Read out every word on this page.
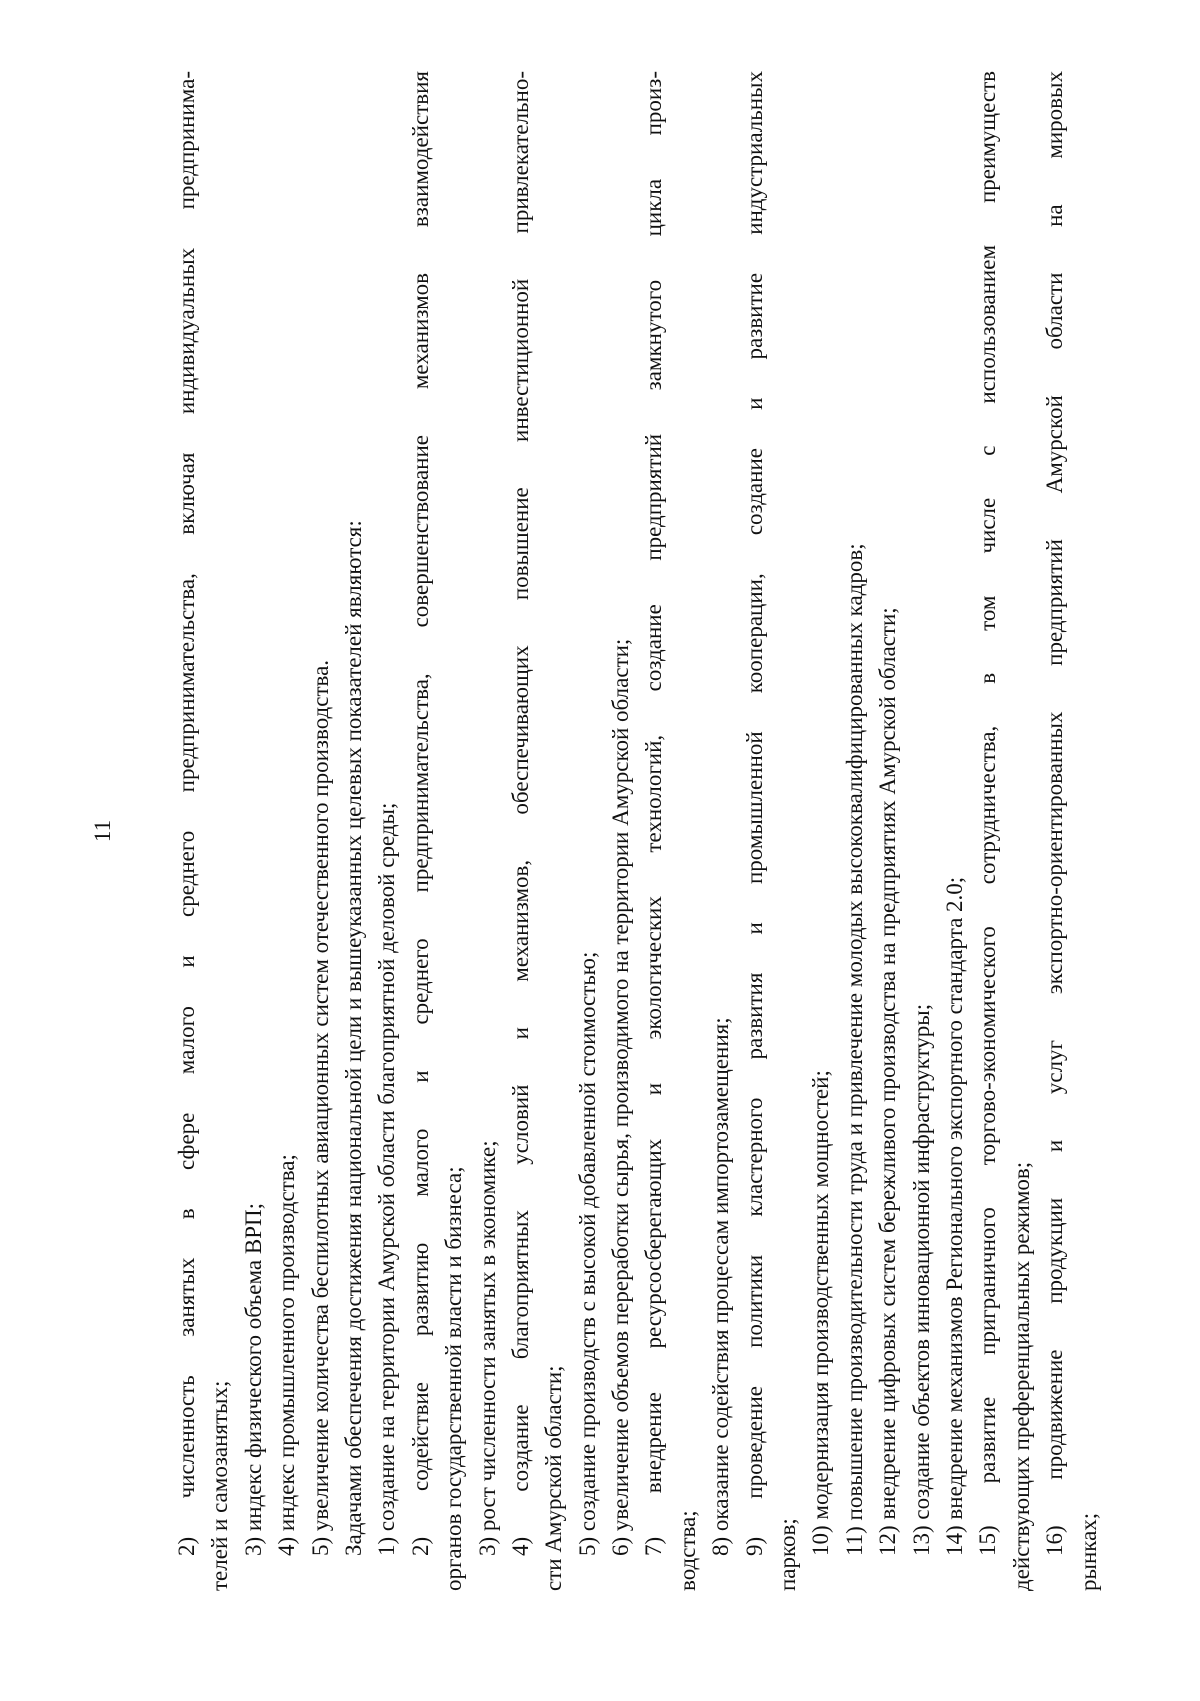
11	2) численность занятых в сфере малого и среднего предпринимательства, включая индивидуальных предпринима- телей и самозанятых; 3) индекс физического объема ВРП; 4) индекс промышленного производства; 5) увеличение количества беспилотных авиационных систем отечественного производства. Задачами обеспечения достижения национальной цели и вышеуказанных целевых показателей являются: 1) создание на территории Амурской области благоприятной деловой среды; 2) содействие развитию малого и среднего предпринимательства, совершенствование механизмов взаимодействия органов государственной власти и бизнеса; 3) рост численности занятых в экономике; 4) создание благоприятных условий и механизмов, обеспечивающих повышение инвестиционной привлекательно- сти Амурской области; 5) создание производств с высокой добавленной стоимостью; 6) увеличение объемов переработки сырья, производимого на территории Амурской области; 7) внедрение ресурсосберегающих и экологических технологий, создание предприятий замкнутого цикла произ- водства; 8) оказание содействия процессам импортозамещения; 9) проведение политики кластерного развития и промышленной кооперации, создание и развитие индустриальных парков; 10) модернизация производственных мощностей; 11) повышение производительности труда и привлечение молодых высококвалифицированных кадров; 12) внедрение цифровых систем бережливого производства на предприятиях Амурской области; 13) создание объектов инновационной инфраструктуры; 14) внедрение механизмов Регионального экспортного стандарта 2.0; 15) развитие приграничного торгово-экономического сотрудничества, в том числе с использованием преимуществ действующих преференциальных режимов; 16) продвижение продукции и услуг экспортно-ориентированных предприятий Амурской области на мировых рынках;
